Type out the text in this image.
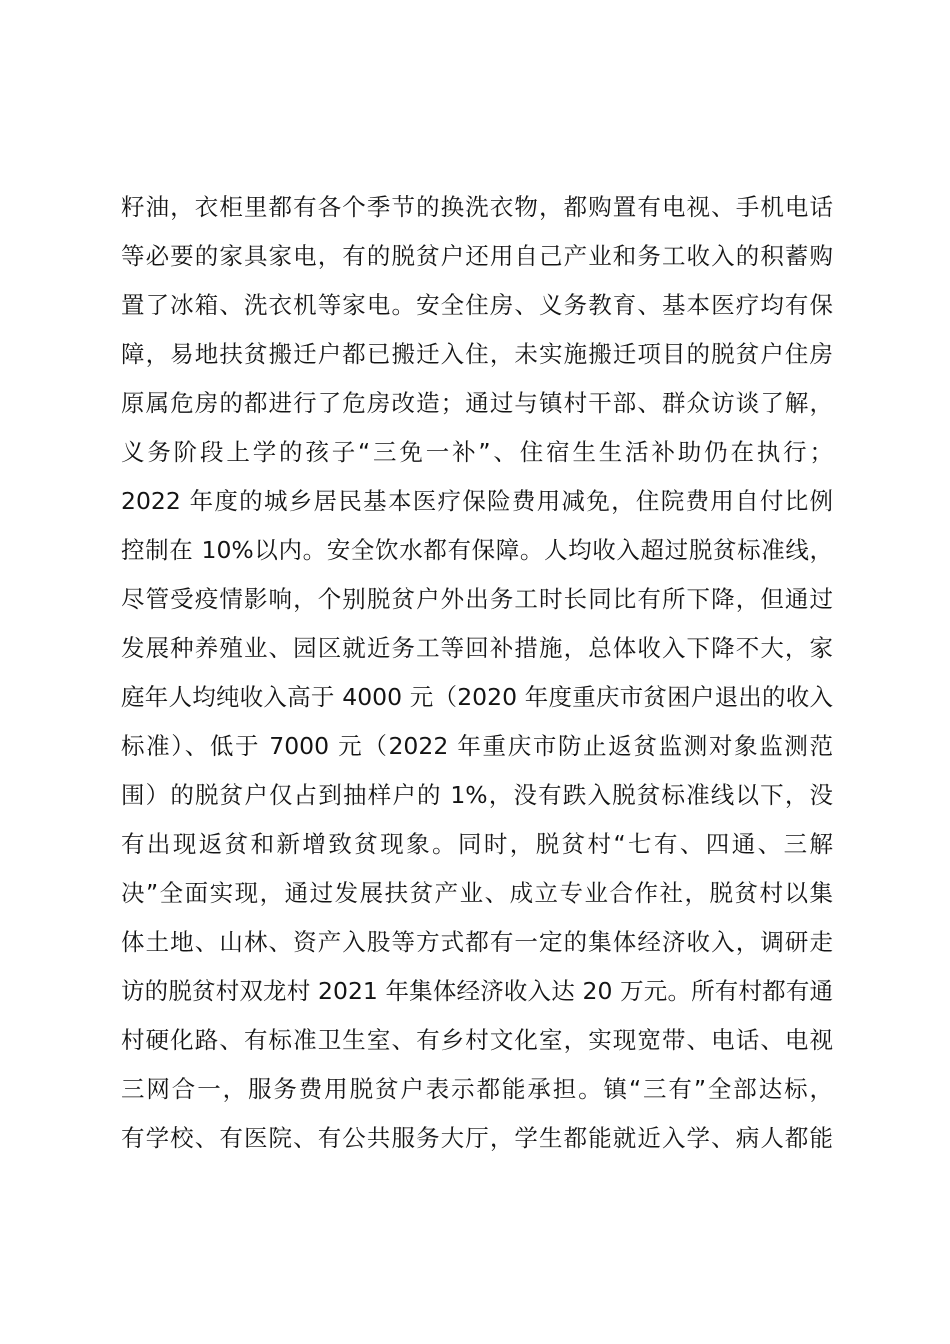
籽油，衣柜里都有各个季节的换洗衣物，都购置有电视、手机电话
等必要的家具家电，有的脱贫户还用自己产业和务工收入的积蓄购
置了冰箱、洗衣机等家电。安全住房、义务教育、基本医疗均有保
障，易地扶贫搬迁户都已搬迁入住，未实施搬迁项目的脱贫户住房
原属危房的都进行了危房改造；通过与镇村干部、群众访谈了解，
义务阶段上学的孩子“三免一补”、住宿生生活补助仍在执行；
2022 年度的城乡居民基本医疗保险费用减免，住院费用自付比例
控制在 10%以内。安全饮水都有保障。人均收入超过脱贫标准线，
尽管受疫情影响，个别脱贫户外出务工时长同比有所下降，但通过
发展种养殖业、园区就近务工等回补措施，总体收入下降不大，家
庭年人均纯收入高于 4000 元（2020 年度重庆市贫困户退出的收入
标准）、低于 7000 元（2022 年重庆市防止返贫监测对象监测范
围）的脱贫户仅占到抽样户的 1%，没有跌入脱贫标准线以下，没
有出现返贫和新增致贫现象。同时，脱贫村“七有、四通、三解
决”全面实现，通过发展扶贫产业、成立专业合作社，脱贫村以集
体土地、山林、资产入股等方式都有一定的集体经济收入，调研走
访的脱贫村双龙村 2021 年集体经济收入达 20 万元。所有村都有通
村硬化路、有标准卫生室、有乡村文化室，实现宽带、电话、电视
三网合一，服务费用脱贫户表示都能承担。镇“三有”全部达标，
有学校、有医院、有公共服务大厅，学生都能就近入学、病人都能
